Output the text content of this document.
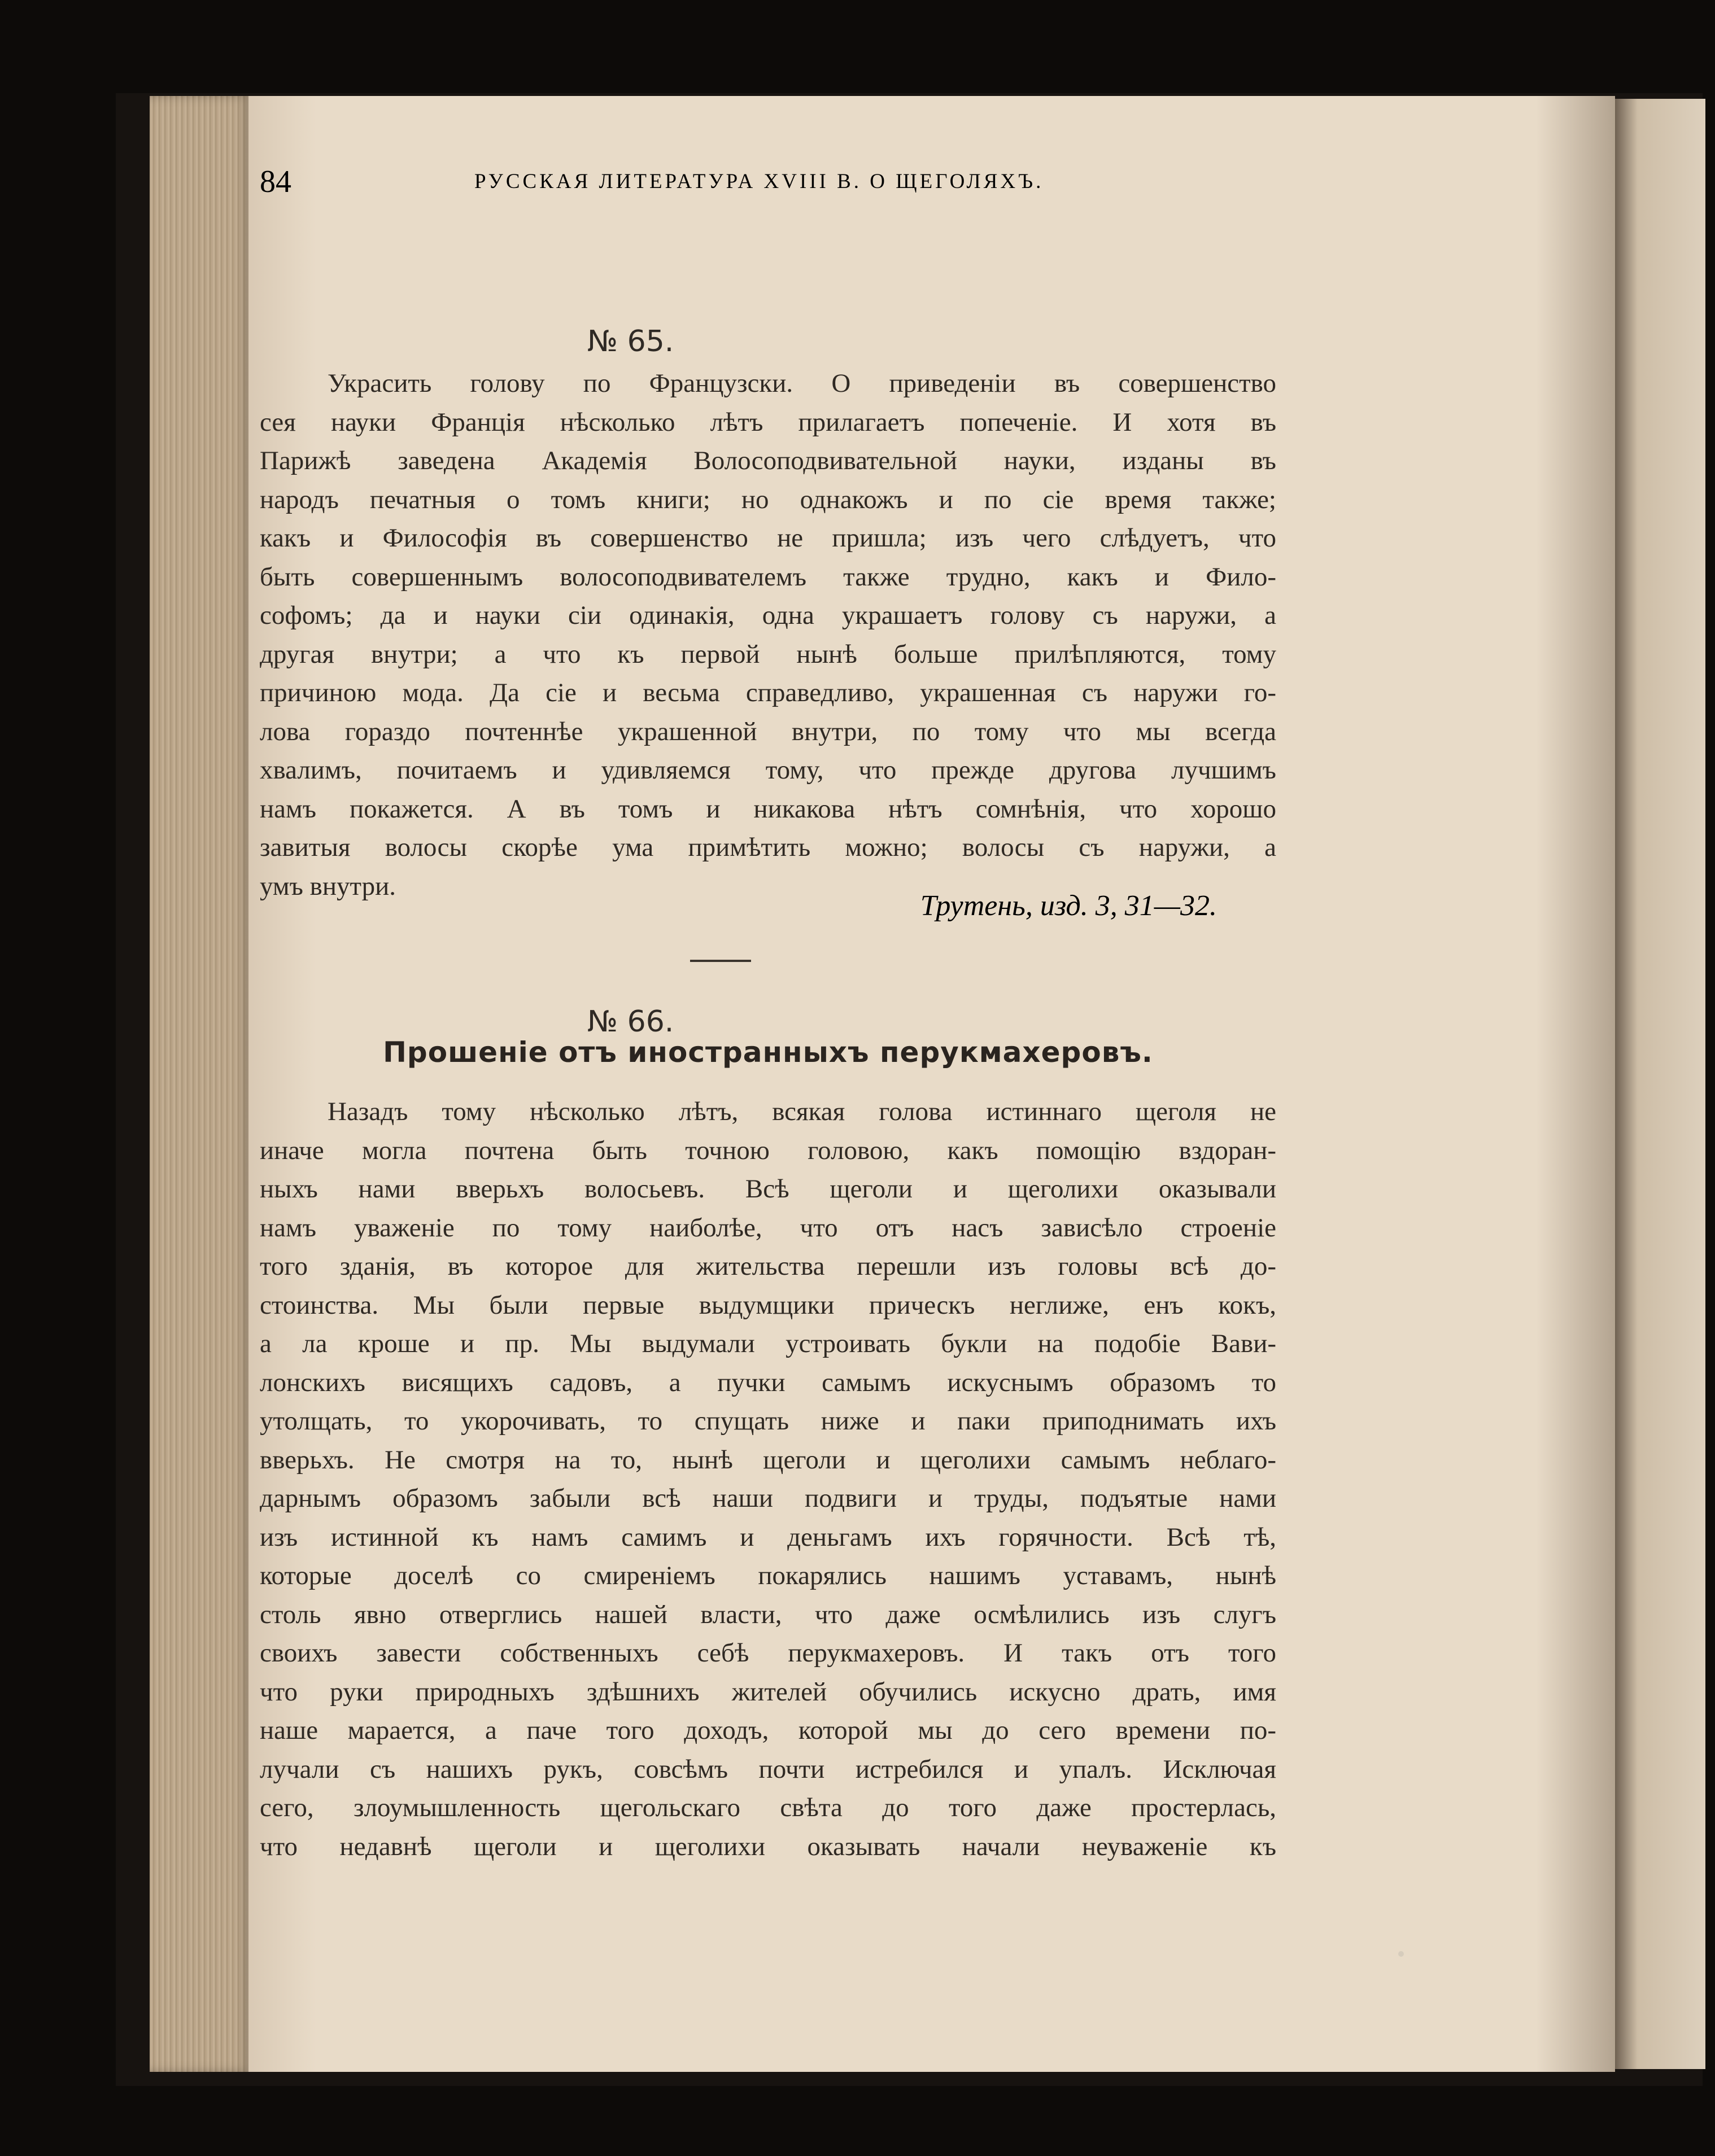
84	РУССКАЯ ЛИТЕРАТУРА XVIII В. О ЩЕГОЛЯХЪ.
№ 65.
Украсить голову по Французски. О приведеніи въ совершенство
сея науки Франція нѣсколько лѣтъ прилагаетъ попеченіе. И хотя въ
Парижѣ заведена Академія Волосоподвивательной науки, изданы въ
народъ печатныя о томъ книги; но однакожъ и по сіе время также;
какъ и Философія въ совершенство не пришла; изъ чего слѣдуетъ, что
быть совершеннымъ волосоподвивателемъ также трудно, какъ и Фило-
софомъ; да и науки сіи одинакія, одна украшаетъ голову съ наружи, а
другая внутри; а что къ первой нынѣ больше прилѣпляются, тому
причиною мода. Да сіе и весьма справедливо, украшенная съ наружи го-
лова гораздо почтеннѣе украшенной внутри, по тому что мы всегда
хвалимъ, почитаемъ и удивляемся тому, что прежде другова лучшимъ
намъ покажется. А въ томъ и никакова нѣтъ сомнѣнія, что хорошо
завитыя волосы скорѣе ума примѣтить можно; волосы съ наружи, а
умъ внутри.
Трутень, изд. 3, 31—32.
№ 66.
Прошеніе отъ иностранныхъ перукмахеровъ.
Назадъ тому нѣсколько лѣтъ, всякая голова истиннаго щеголя не
иначе могла почтена быть точною головою, какъ помощію вздоран-
ныхъ нами вверьхъ волосьевъ. Всѣ щеголи и щеголихи оказывали
намъ уваженіе по тому наиболѣе, что отъ насъ зависѣло строеніе
того зданія, въ которое для жительства перешли изъ головы всѣ до-
стоинства. Мы были первые выдумщики прическъ неглиже, енъ кокъ,
а ла кроше и пр. Мы выдумали устроивать букли на подобіе Вави-
лонскихъ висящихъ садовъ, а пучки самымъ искуснымъ образомъ то
утолщать, то укорочивать, то спущать ниже и паки приподнимать ихъ
вверьхъ. Не смотря на то, нынѣ щеголи и щеголихи самымъ неблаго-
дарнымъ образомъ забыли всѣ наши подвиги и труды, подъятые нами
изъ истинной къ намъ самимъ и деньгамъ ихъ горячности. Всѣ тѣ,
которые доселѣ со смиреніемъ покарялись нашимъ уставамъ, нынѣ
столь явно отверглись нашей власти, что даже осмѣлились изъ слугъ
своихъ завести собственныхъ себѣ перукмахеровъ. И такъ отъ того
что руки природныхъ здѣшнихъ жителей обучились искусно драть, имя
наше марается, а паче того доходъ, которой мы до сего времени по-
лучали съ нашихъ рукъ, совсѣмъ почти истребился и упалъ. Исключая
сего, злоумышленность щегольскаго свѣта до того даже простерлась,
что недавнѣ щеголи и щеголихи оказывать начали неуваженіе къ
